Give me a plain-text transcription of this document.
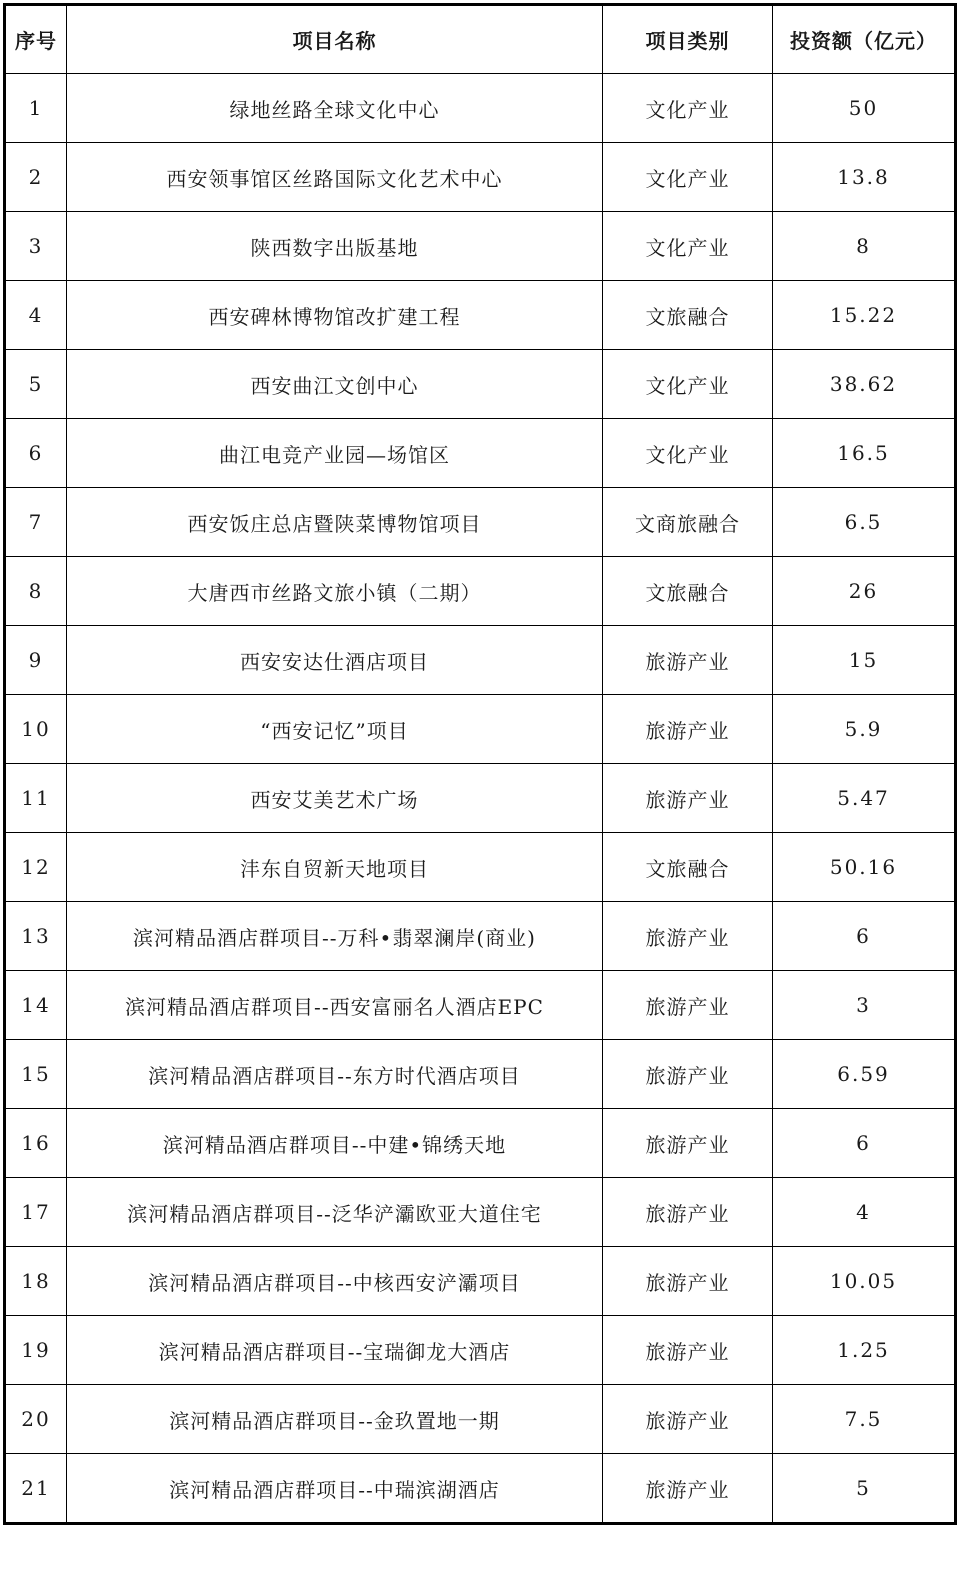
序号	项目名称	项目类别	投资额（亿元）
1	绿地丝路全球文化中心	文化产业	50
2	西安领事馆区丝路国际文化艺术中心	文化产业	13.8
3	陕西数字出版基地	文化产业	8
4	西安碑林博物馆改扩建工程	文旅融合	15.22
5	西安曲江文创中心	文化产业	38.62
6	曲江电竞产业园—场馆区	文化产业	16.5
7	西安饭庄总店暨陕菜博物馆项目	文商旅融合	6.5
8	大唐西市丝路文旅小镇（二期）	文旅融合	26
9	西安安达仕酒店项目	旅游产业	15
10	“西安记忆”项目	旅游产业	5.9
11	西安艾美艺术广场	旅游产业	5.47
12	沣东自贸新天地项目	文旅融合	50.16
13	滨河精品酒店群项目--万科•翡翠澜岸(商业)	旅游产业	6
14	滨河精品酒店群项目--西安富丽名人酒店EPC	旅游产业	3
15	滨河精品酒店群项目--东方时代酒店项目	旅游产业	6.59
16	滨河精品酒店群项目--中建•锦绣天地	旅游产业	6
17	滨河精品酒店群项目--泛华浐灞欧亚大道住宅	旅游产业	4
18	滨河精品酒店群项目--中核西安浐灞项目	旅游产业	10.05
19	滨河精品酒店群项目--宝瑞御龙大酒店	旅游产业	1.25
20	滨河精品酒店群项目--金玖置地一期	旅游产业	7.5
21	滨河精品酒店群项目--中瑞滨湖酒店	旅游产业	5
